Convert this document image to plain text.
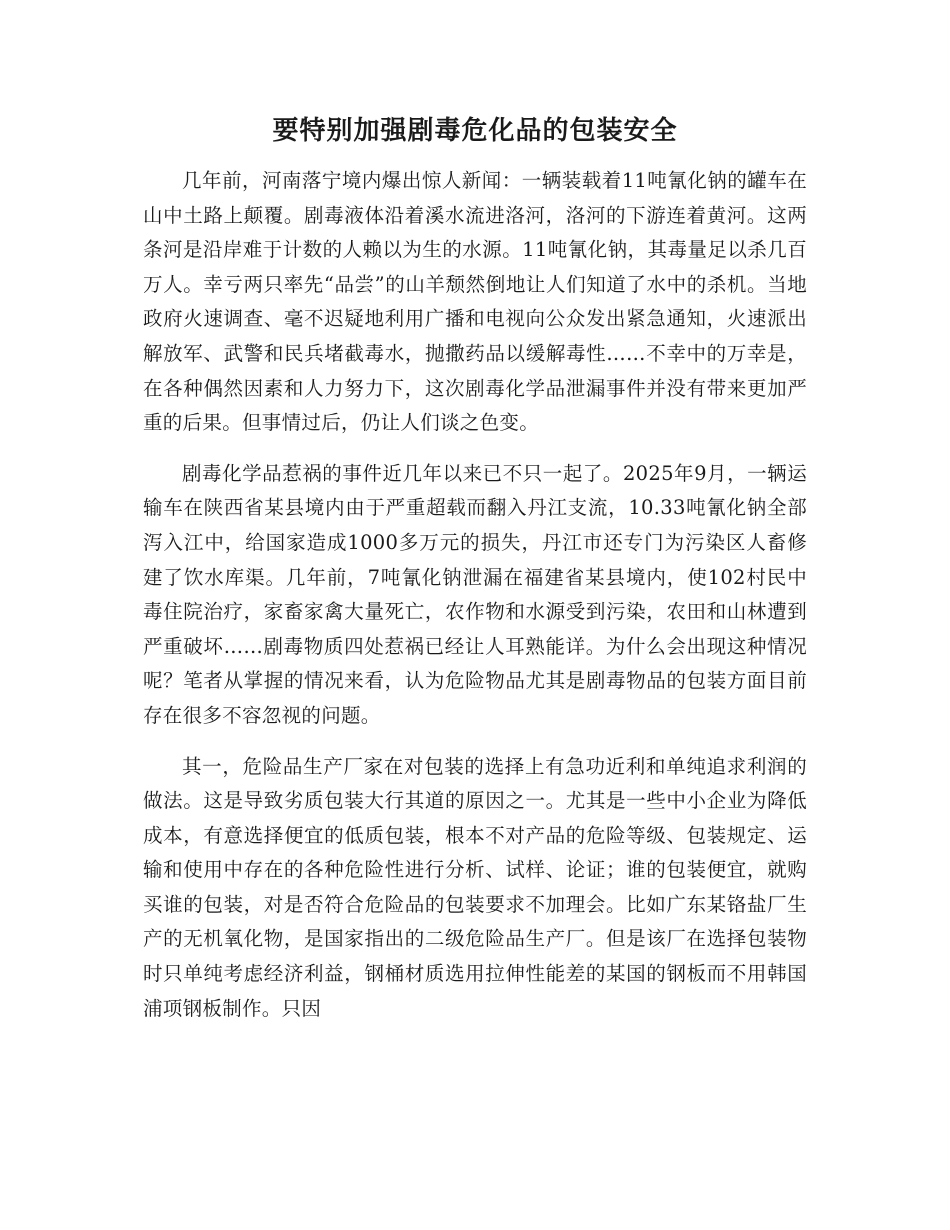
要特别加强剧毒危化品的包装安全

几年前，河南落宁境内爆出惊人新闻：一辆装载着11吨氰化钠的罐车在山中土路上颠覆。剧毒液体沿着溪水流进洛河，洛河的下游连着黄河。这两条河是沿岸难于计数的人赖以为生的水源。11吨氰化钠，其毒量足以杀几百万人。幸亏两只率先“品尝”的山羊颓然倒地让人们知道了水中的杀机。当地政府火速调查、毫不迟疑地利用广播和电视向公众发出紧急通知，火速派出解放军、武警和民兵堵截毒水，抛撒药品以缓解毒性……不幸中的万幸是，在各种偶然因素和人力努力下，这次剧毒化学品泄漏事件并没有带来更加严重的后果。但事情过后，仍让人们谈之色变。

剧毒化学品惹祸的事件近几年以来已不只一起了。2025年9月，一辆运输车在陕西省某县境内由于严重超载而翻入丹江支流，10.33吨氰化钠全部泻入江中，给国家造成1000多万元的损失，丹江市还专门为污染区人畜修建了饮水库渠。几年前，7吨氰化钠泄漏在福建省某县境内，使102村民中毒住院治疗，家畜家禽大量死亡，农作物和水源受到污染，农田和山林遭到严重破坏……剧毒物质四处惹祸已经让人耳熟能详。为什么会出现这种情况呢？笔者从掌握的情况来看，认为危险物品尤其是剧毒物品的包装方面目前存在很多不容忽视的问题。

其一，危险品生产厂家在对包装的选择上有急功近利和单纯追求利润的做法。这是导致劣质包装大行其道的原因之一。尤其是一些中小企业为降低成本，有意选择便宜的低质包装，根本不对产品的危险等级、包装规定、运输和使用中存在的各种危险性进行分析、试样、论证；谁的包装便宜，就购买谁的包装，对是否符合危险品的包装要求不加理会。比如广东某铬盐厂生产的无机氧化物，是国家指出的二级危险品生产厂。但是该厂在选择包装物时只单纯考虑经济利益，钢桶材质选用拉伸性能差的某国的钢板而不用韩国浦项钢板制作。只因
